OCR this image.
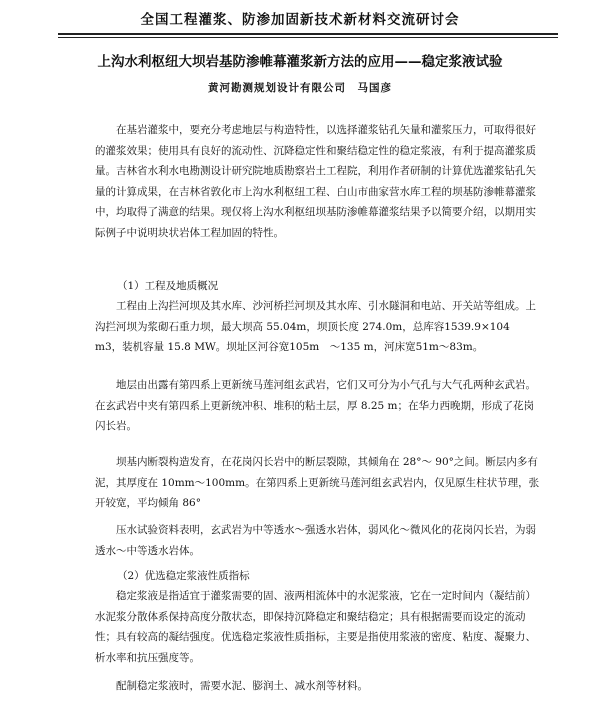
全国工程灌浆、防渗加固新技术新材料交流研讨会
上沟水利枢纽大坝岩基防渗帷幕灌浆新方法的应用——稳定浆液试验
黄河勘测规划设计有限公司　马国彦

在基岩灌浆中，要充分考虑地层与构造特性，以选择灌浆钻孔矢量和灌浆压力，可取得很好的灌浆效果；使用具有良好的流动性、沉降稳定性和聚结稳定性的稳定浆液，有利于提高灌浆质量。吉林省水利水电勘测设计研究院地质勘察岩土工程院，利用作者研制的计算优选灌浆钻孔矢量的计算成果，在吉林省敦化市上沟水利枢纽工程、白山市曲家营水库工程的坝基防渗帷幕灌浆中，均取得了满意的结果。现仅将上沟水利枢纽坝基防渗帷幕灌浆结果予以简要介绍，以期用实际例子中说明块状岩体工程加固的特性。

（1）工程及地质概况

工程由上沟拦河坝及其水库、沙河桥拦河坝及其水库、引水隧洞和电站、开关站等组成。上沟拦河坝为浆砌石重力坝，最大坝高 55.04m，坝顶长度 274.0m，总库容1539.9×104　m3，装机容量 15.8 MW。坝址区河谷宽105m　～135 m，河床宽51m～83m。

地层由出露有第四系上更新统马莲河组玄武岩，它们又可分为小气孔与大气孔两种玄武岩。在玄武岩中夹有第四系上更新统冲积、堆积的粘土层，厚 8.25 m；在华力西晚期，形成了花岗闪长岩。

坝基内断裂构造发育，在花岗闪长岩中的断层裂隙，其倾角在 28°～ 90°之间。断层内多有泥，其厚度在 10mm～100mm。在第四系上更新统马莲河组玄武岩内，仅见原生柱状节理，张开较宽，平均倾角 86°

压水试验资料表明，玄武岩为中等透水～强透水岩体，弱风化～微风化的花岗闪长岩，为弱透水～中等透水岩体。

（2）优选稳定浆液性质指标

稳定浆液是指适宜于灌浆需要的固、液两相流体中的水泥浆液，它在一定时间内（凝结前）水泥浆分散体系保持高度分散状态，即保持沉降稳定和聚结稳定；具有根据需要而设定的流动性；具有较高的凝结强度。优选稳定浆液性质指标，主要是指使用浆液的密度、粘度、凝聚力、析水率和抗压强度等。

配制稳定浆液时，需要水泥、膨润土、减水剂等材料。
